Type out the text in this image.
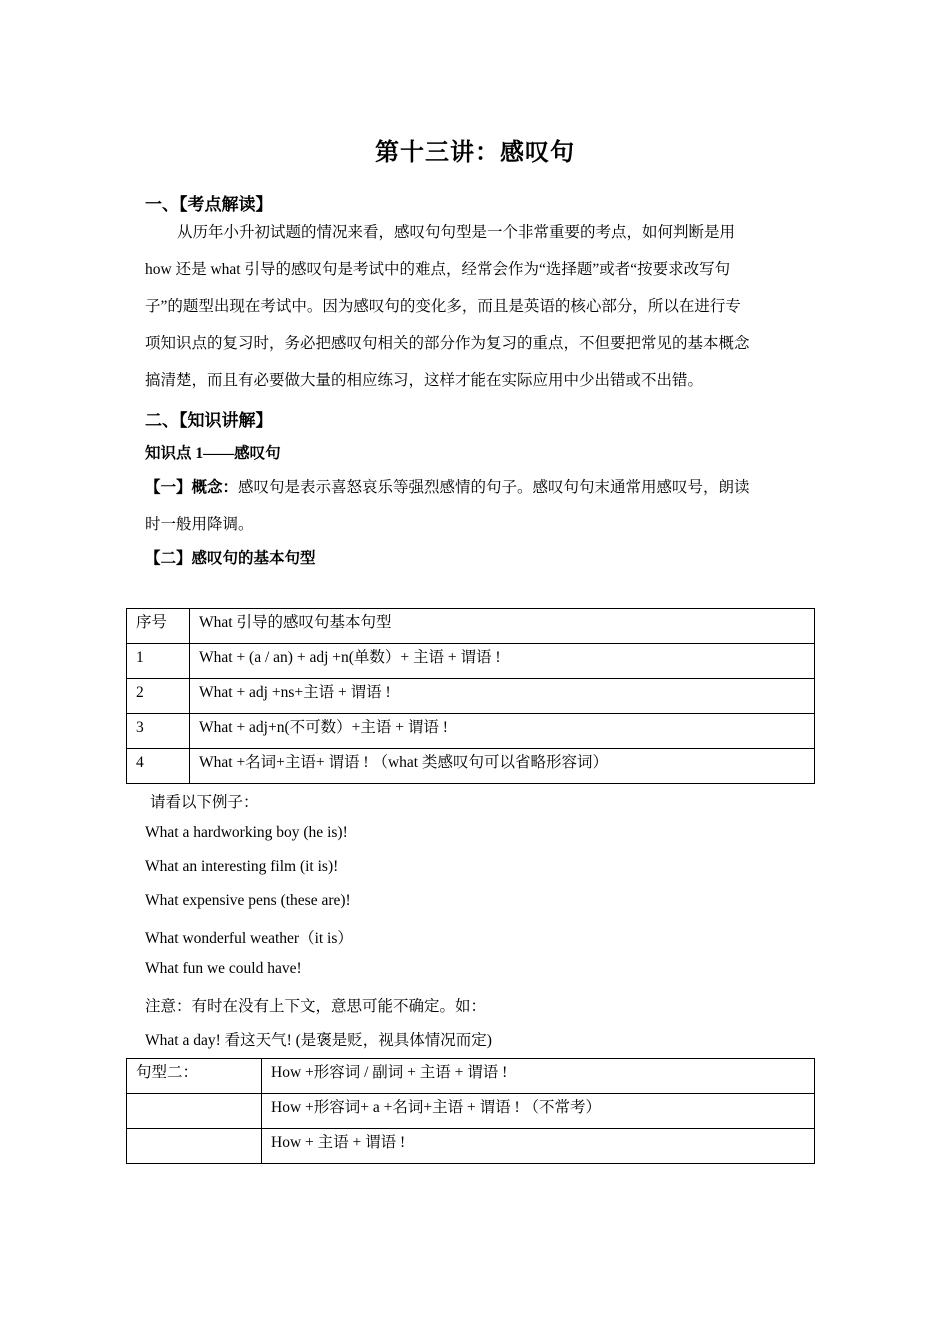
第十三讲：感叹句
一、【考点解读】
从历年小升初试题的情况来看，感叹句句型是一个非常重要的考点，如何判断是用
how 还是 what 引导的感叹句是考试中的难点，经常会作为“选择题”或者“按要求改写句
子”的题型出现在考试中。因为感叹句的变化多，而且是英语的核心部分，所以在进行专
项知识点的复习时，务必把感叹句相关的部分作为复习的重点，不但要把常见的基本概念
搞清楚，而且有必要做大量的相应练习，这样才能在实际应用中少出错或不出错。
二、【知识讲解】
知识点 1——感叹句
【一】概念：感叹句是表示喜怒哀乐等强烈感情的句子。感叹句句末通常用感叹号，朗读
时一般用降调。
【二】感叹句的基本句型
序号	What 引导的感叹句基本句型
1	What + (a / an) + adj +n(单数）+ 主语 + 谓语 !
2	What + adj +ns+主语 + 谓语 !
3	What + adj+n(不可数）+主语 + 谓语 !
4	What +名词+主语+ 谓语 ! （what 类感叹句可以省略形容词）
请看以下例子：
What a hardworking boy (he is)!
What an interesting film (it is)!
What expensive pens (these are)!
What wonderful weather（it is）
What fun we could have!
注意：有时在没有上下文，意思可能不确定。如：
What a day! 看这天气! (是褒是贬，视具体情况而定)
句型二：	How +形容词 / 副词 + 主语 + 谓语 !
	How +形容词+ a +名词+主语 + 谓语 ! （不常考）
	How + 主语 + 谓语 !
